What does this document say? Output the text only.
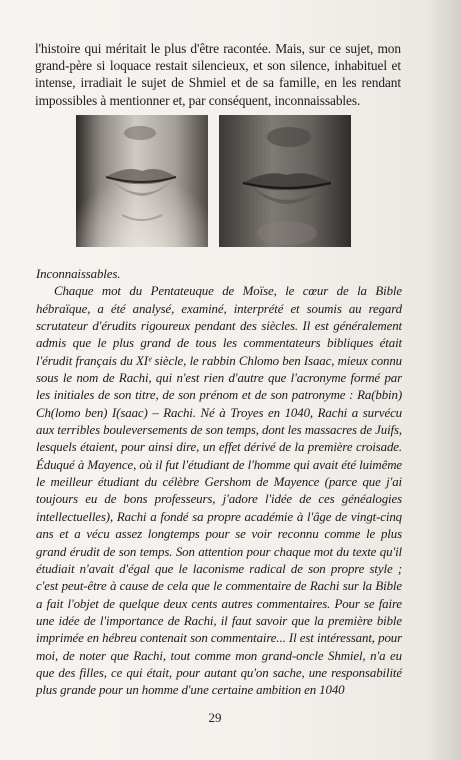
l'histoire qui méritait le plus d'être racontée. Mais, sur ce sujet, mon grand-père si loquace restait silencieux, et son silence, inhabituel et intense, irradiait le sujet de Shmiel et de sa famille, en les rendant impossibles à mentionner et, par conséquent, inconnaissables.

Inconnaissables.

Chaque mot du Pentateuque de Moïse, le cœur de la Bible hébraïque, a été analysé, examiné, interprété et soumis au regard scrutateur d'érudits rigoureux pendant des siècles. Il est généralement admis que le plus grand de tous les commentateurs bibliques était l'érudit français du XIᵉ siècle, le rabbin Chlomo ben Isaac, mieux connu sous le nom de Rachi, qui n'est rien d'autre que l'acronyme formé par les initiales de son titre, de son prénom et de son patronyme : Ra(bbin) Ch(lomo ben) I(saac) – Rachi. Né à Troyes en 1040, Rachi a survécu aux terribles bouleversements de son temps, dont les massacres de Juifs, lesquels étaient, pour ainsi dire, un effet dérivé de la première croisade. Éduqué à Mayence, où il fut l'étudiant de l'homme qui avait été luimême le meilleur étudiant du célèbre Gershom de Mayence (parce que j'ai toujours eu de bons professeurs, j'adore l'idée de ces généalogies intellectuelles), Rachi a fondé sa propre académie à l'âge de vingt-cinq ans et a vécu assez longtemps pour se voir reconnu comme le plus grand érudit de son temps. Son attention pour chaque mot du texte qu'il étudiait n'avait d'égal que le laconisme radical de son propre style ; c'est peut-être à cause de cela que le commentaire de Rachi sur la Bible a fait l'objet de quelque deux cents autres commentaires. Pour se faire une idée de l'importance de Rachi, il faut savoir que la première bible imprimée en hébreu contenait son commentaire... Il est intéressant, pour moi, de noter que Rachi, tout comme mon grand-oncle Shmiel, n'a eu que des filles, ce qui était, pour autant qu'on sache, une responsabilité plus grande pour un homme d'une certaine ambition en 1040

29
